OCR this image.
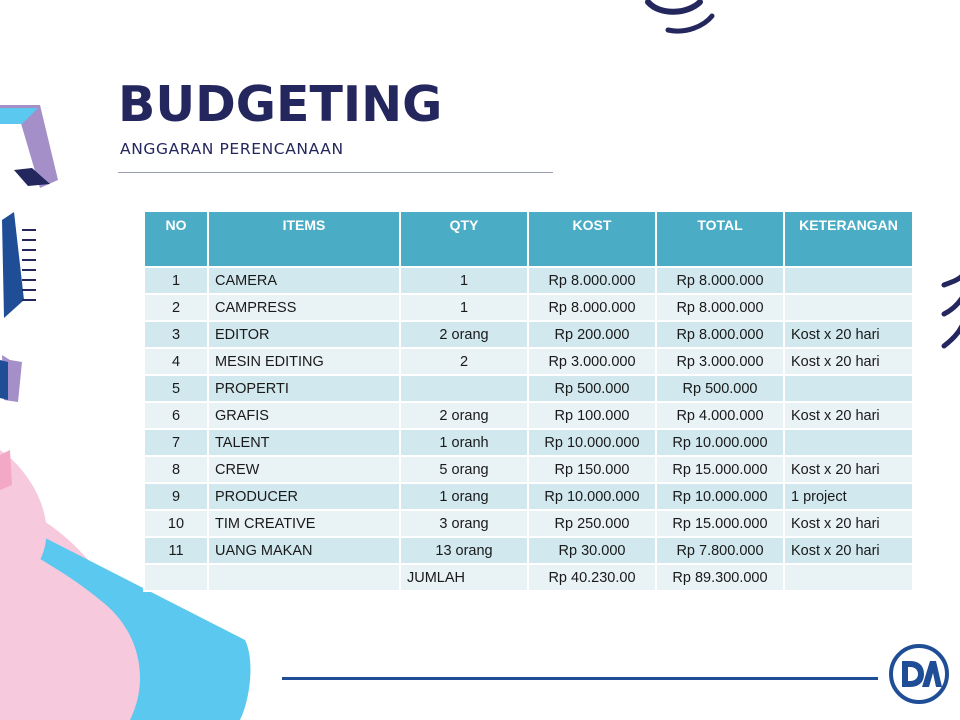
BUDGETING
ANGGARAN PERENCANAAN
NO	ITEMS	QTY	KOST	TOTAL	KETERANGAN
1	CAMERA	1	Rp 8.000.000	Rp 8.000.000	
2	CAMPRESS	1	Rp 8.000.000	Rp 8.000.000	
3	EDITOR	2 orang	Rp 200.000	Rp 8.000.000	Kost x 20 hari
4	MESIN EDITING	2	Rp 3.000.000	Rp 3.000.000	Kost x 20 hari
5	PROPERTI		Rp 500.000	Rp 500.000	
6	GRAFIS	2 orang	Rp 100.000	Rp 4.000.000	Kost x 20 hari
7	TALENT	1 oranh	Rp 10.000.000	Rp 10.000.000	
8	CREW	5 orang	Rp 150.000	Rp 15.000.000	Kost x 20 hari
9	PRODUCER	1 orang	Rp 10.000.000	Rp 10.000.000	1 project
10	TIM CREATIVE	3 orang	Rp 250.000	Rp 15.000.000	Kost x 20 hari
11	UANG MAKAN	13 orang	Rp 30.000	Rp 7.800.000	Kost x 20 hari
		JUMLAH	Rp 40.230.00	Rp 89.300.000	
